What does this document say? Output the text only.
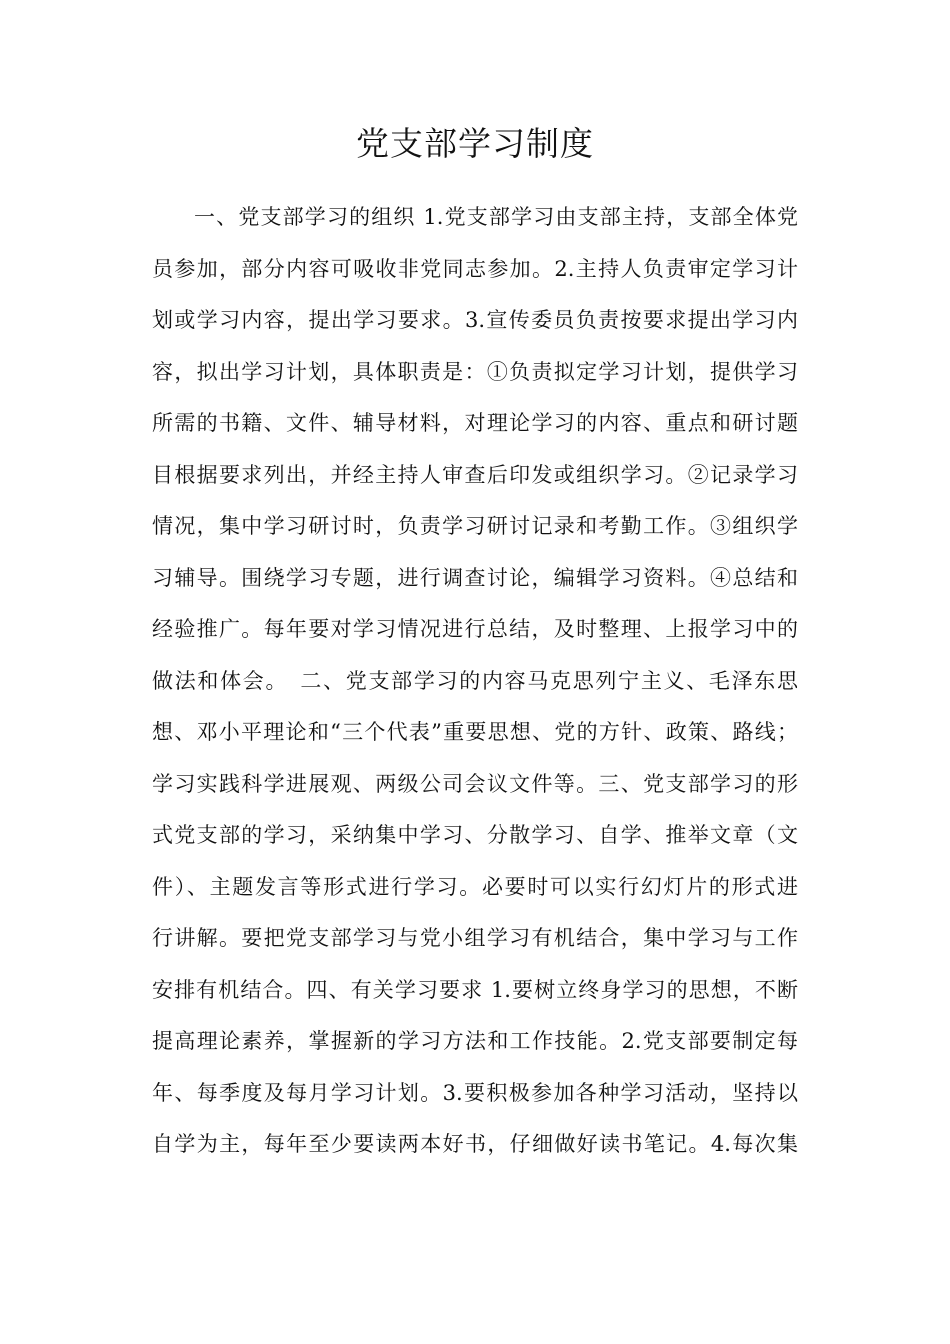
党支部学习制度
一、党支部学习的组织 1.党支部学习由支部主持，支部全体党
员参加，部分内容可吸收非党同志参加。2.主持人负责审定学习计
划或学习内容，提出学习要求。3.宣传委员负责按要求提出学习内
容，拟出学习计划，具体职责是：①负责拟定学习计划，提供学习
所需的书籍、文件、辅导材料，对理论学习的内容、重点和研讨题
目根据要求列出，并经主持人审查后印发或组织学习。②记录学习
情况，集中学习研讨时，负责学习研讨记录和考勤工作。③组织学
习辅导。围绕学习专题，进行调查讨论，编辑学习资料。④总结和
经验推广。每年要对学习情况进行总结，及时整理、上报学习中的
做法和体会。　二、党支部学习的内容马克思列宁主义、毛泽东思
想、邓小平理论和“三个代表”重要思想、党的方针、政策、路线；
学习实践科学进展观、两级公司会议文件等。三、党支部学习的形
式党支部的学习，采纳集中学习、分散学习、自学、推举文章（文
件）、主题发言等形式进行学习。必要时可以实行幻灯片的形式进
行讲解。要把党支部学习与党小组学习有机结合，集中学习与工作
安排有机结合。四、有关学习要求 1.要树立终身学习的思想，不断
提高理论素养，掌握新的学习方法和工作技能。2.党支部要制定每
年、每季度及每月学习计划。3.要积极参加各种学习活动，坚持以
自学为主，每年至少要读两本好书，仔细做好读书笔记。4.每次集
